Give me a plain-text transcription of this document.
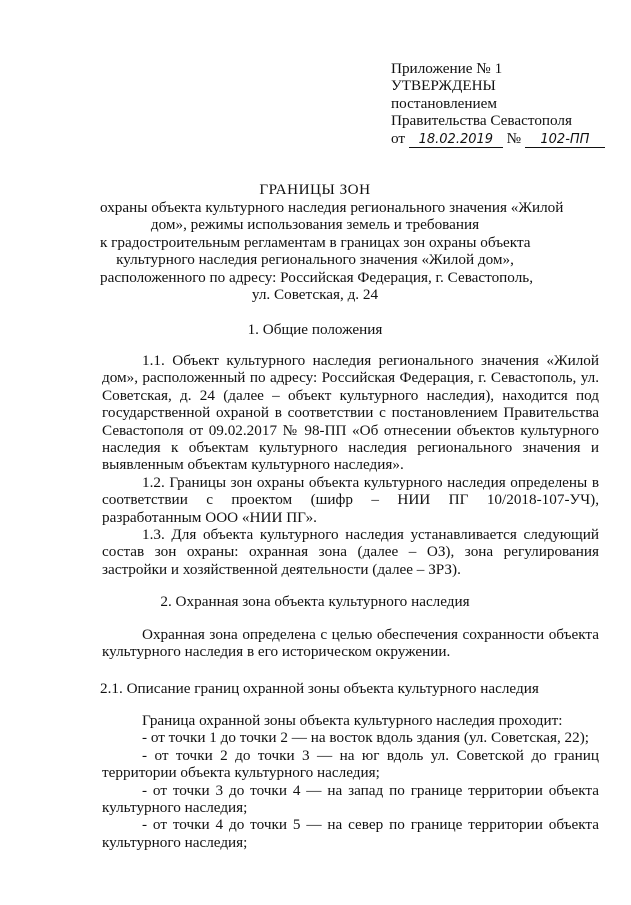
Приложение № 1
УТВЕРЖДЕНЫ
постановлением
Правительства Севастополя
от 18.02.2019 № 102-ПП
ГРАНИЦЫ ЗОН
охраны объекта культурного наследия регионального значения «Жилой
дом», режимы использования земель и требования
к градостроительным регламентам в границах зон охраны объекта
культурного наследия регионального значения «Жилой дом»,
расположенного по адресу: Российская Федерация, г. Севастополь,
ул. Советская, д. 24
1. Общие положения

1.1. Объект культурного наследия регионального значения «Жилой дом», расположенный по адресу: Российская Федерация, г. Севастополь, ул. Советская, д. 24 (далее – объект культурного наследия), находится под государственной охраной в соответствии с постановлением Правительства Севастополя от 09.02.2017 № 98-ПП «Об отнесении объектов культурного наследия к объектам культурного наследия регионального значения и выявленным объектам культурного наследия».

1.2. Границы зон охраны объекта культурного наследия определены в соответствии с проектом (шифр – НИИ ПГ 10/2018-107-УЧ), разработанным ООО «НИИ ПГ».

1.3. Для объекта культурного наследия устанавливается следующий состав зон охраны: охранная зона (далее – ОЗ), зона регулирования застройки и хозяйственной деятельности (далее – ЗРЗ).

2. Охранная зона объекта культурного наследия

Охранная зона определена с целью обеспечения сохранности объекта культурного наследия в его историческом окружении.

2.1. Описание границ охранной зоны объекта культурного наследия

Граница охранной зоны объекта культурного наследия проходит:

- от точки 1 до точки 2 — на восток вдоль здания (ул. Советская, 22);

- от точки 2 до точки 3 — на юг вдоль ул. Советской до границ территории объекта культурного наследия;

- от точки 3 до точки 4 — на запад по границе территории объекта культурного наследия;

- от точки 4 до точки 5 — на север по границе территории объекта культурного наследия;
